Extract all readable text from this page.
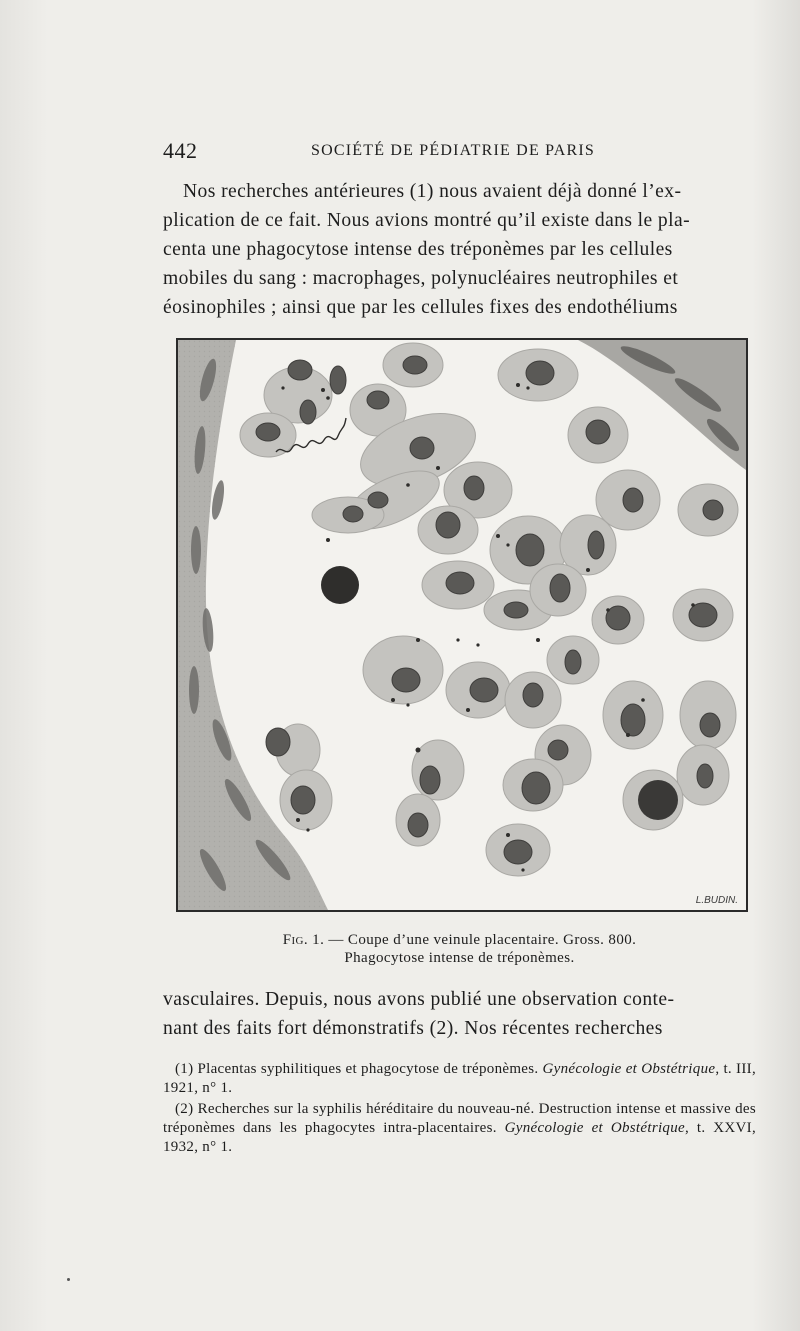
442	SOCIÉTÉ DE PÉDIATRIE DE PARIS

Nos recherches antérieures (1) nous avaient déjà donné l’ex-
plication de ce fait. Nous avions montré qu’il existe dans le pla-
centa une phagocytose intense des tréponèmes par les cellules
mobiles du sang : macrophages, polynucléaires neutrophiles et
éosinophiles ; ainsi que par les cellules fixes des endothéliums

L.BUDIN.
Fig. 1. — Coupe d’une veinule placentaire. Gross. 800.
Phagocytose intense de tréponèmes.

vasculaires. Depuis, nous avons publié une observation conte-
nant des faits fort démonstratifs (2). Nos récentes recherches

(1) Placentas syphilitiques et phagocytose de tréponèmes. Gynécologie et Obstétrique, t. III, 1921, n° 1.

(2) Recherches sur la syphilis héréditaire du nouveau-né. Destruction intense et massive des tréponèmes dans les phagocytes intra-placentaires. Gynécologie et Obstétrique, t. XXVI, 1932, n° 1.
